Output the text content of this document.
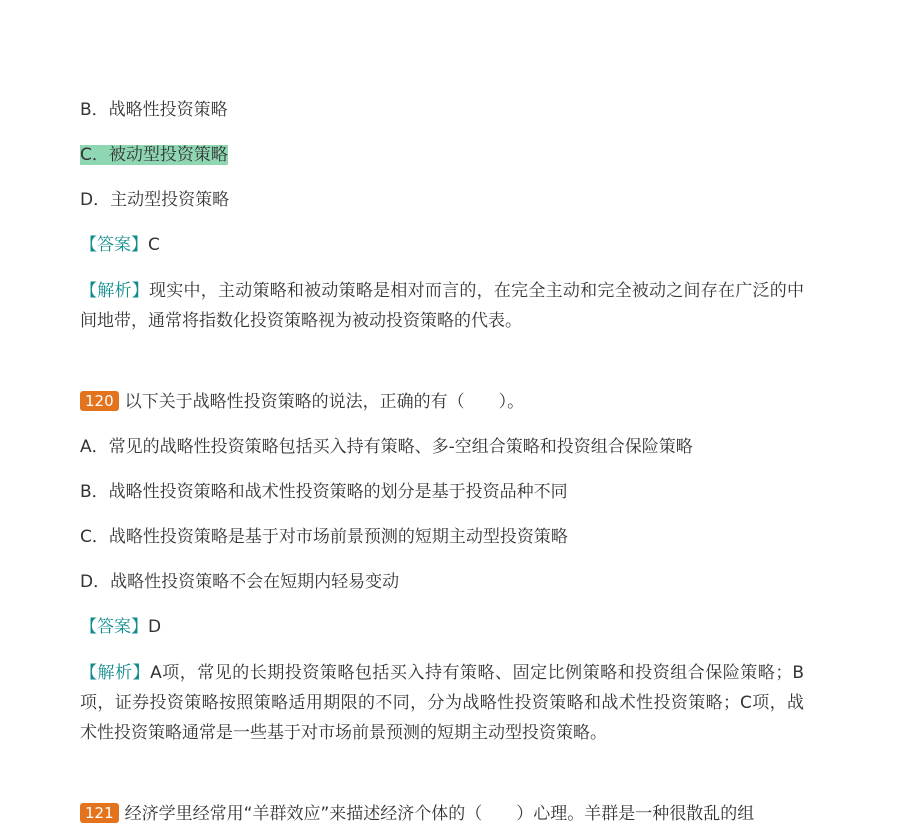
B．战略性投资策略

C．被动型投资策略

D．主动型投资策略

【答案】C

【解析】现实中，主动策略和被动策略是相对而言的，在完全主动和完全被动之间存在广泛的中间地带，通常将指数化投资策略视为被动投资策略的代表。

120 以下关于战略性投资策略的说法，正确的有（　　）。

A．常见的战略性投资策略包括买入持有策略、多-空组合策略和投资组合保险策略

B．战略性投资策略和战术性投资策略的划分是基于投资品种不同

C．战略性投资策略是基于对市场前景预测的短期主动型投资策略

D．战略性投资策略不会在短期内轻易变动

【答案】D

【解析】A项，常见的长期投资策略包括买入持有策略、固定比例策略和投资组合保险策略；B项，证券投资策略按照策略适用期限的不同，分为战略性投资策略和战术性投资策略；C项，战术性投资策略通常是一些基于对市场前景预测的短期主动型投资策略。

121 经济学里经常用“羊群效应”来描述经济个体的（　　）心理。羊群是一种很散乱的组
